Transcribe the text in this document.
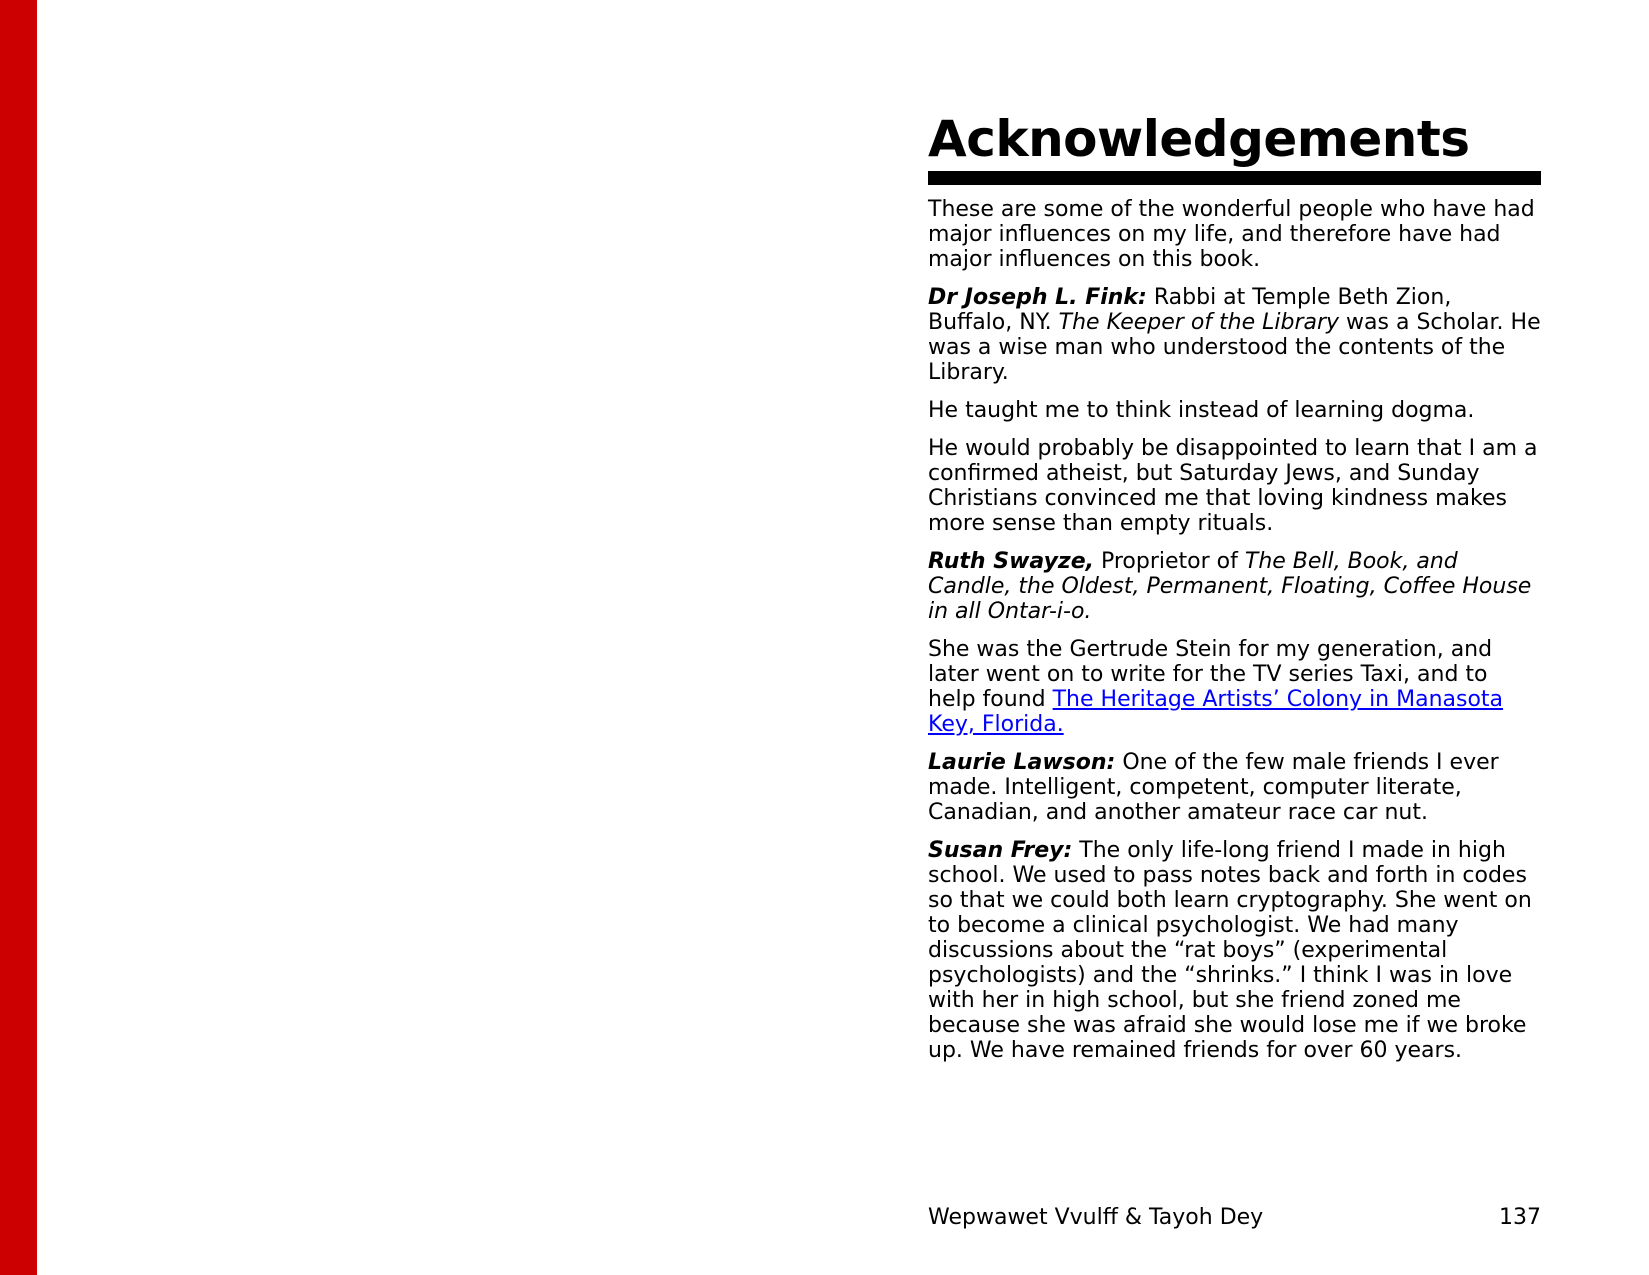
Acknowledgements

These are some of the wonderful people who have had major influences on my life, and therefore have had major influences on this book.

Dr Joseph L. Fink: Rabbi at Temple Beth Zion, Buffalo, NY. The Keeper of the Library was a Scholar. He was a wise man who understood the contents of the Library.

He taught me to think instead of learning dogma.

He would probably be disappointed to learn that I am a confirmed atheist, but Saturday Jews, and Sunday Christians convinced me that loving kindness makes more sense than empty rituals.

Ruth Swayze, Proprietor of The Bell, Book, and Candle, the Oldest, Permanent, Floating, Coffee House in all Ontar-i-o.

She was the Gertrude Stein for my generation, and later went on to write for the TV series Taxi, and to help found The Heritage Artists’ Colony in Manasota Key, Florida.

Laurie Lawson: One of the few male friends I ever made. Intelligent, competent, computer literate, Canadian, and another amateur race car nut.

Susan Frey: The only life-long friend I made in high school. We used to pass notes back and forth in codes so that we could both learn cryptography. She went on to become a clinical psychologist. We had many discussions about the “rat boys” (experimental psychologists) and the “shrinks.” I think I was in love with her in high school, but she friend zoned me because she was afraid she would lose me if we broke up. We have remained friends for over 60 years.

Wepwawet Vvulff & Tayoh Dey	137
